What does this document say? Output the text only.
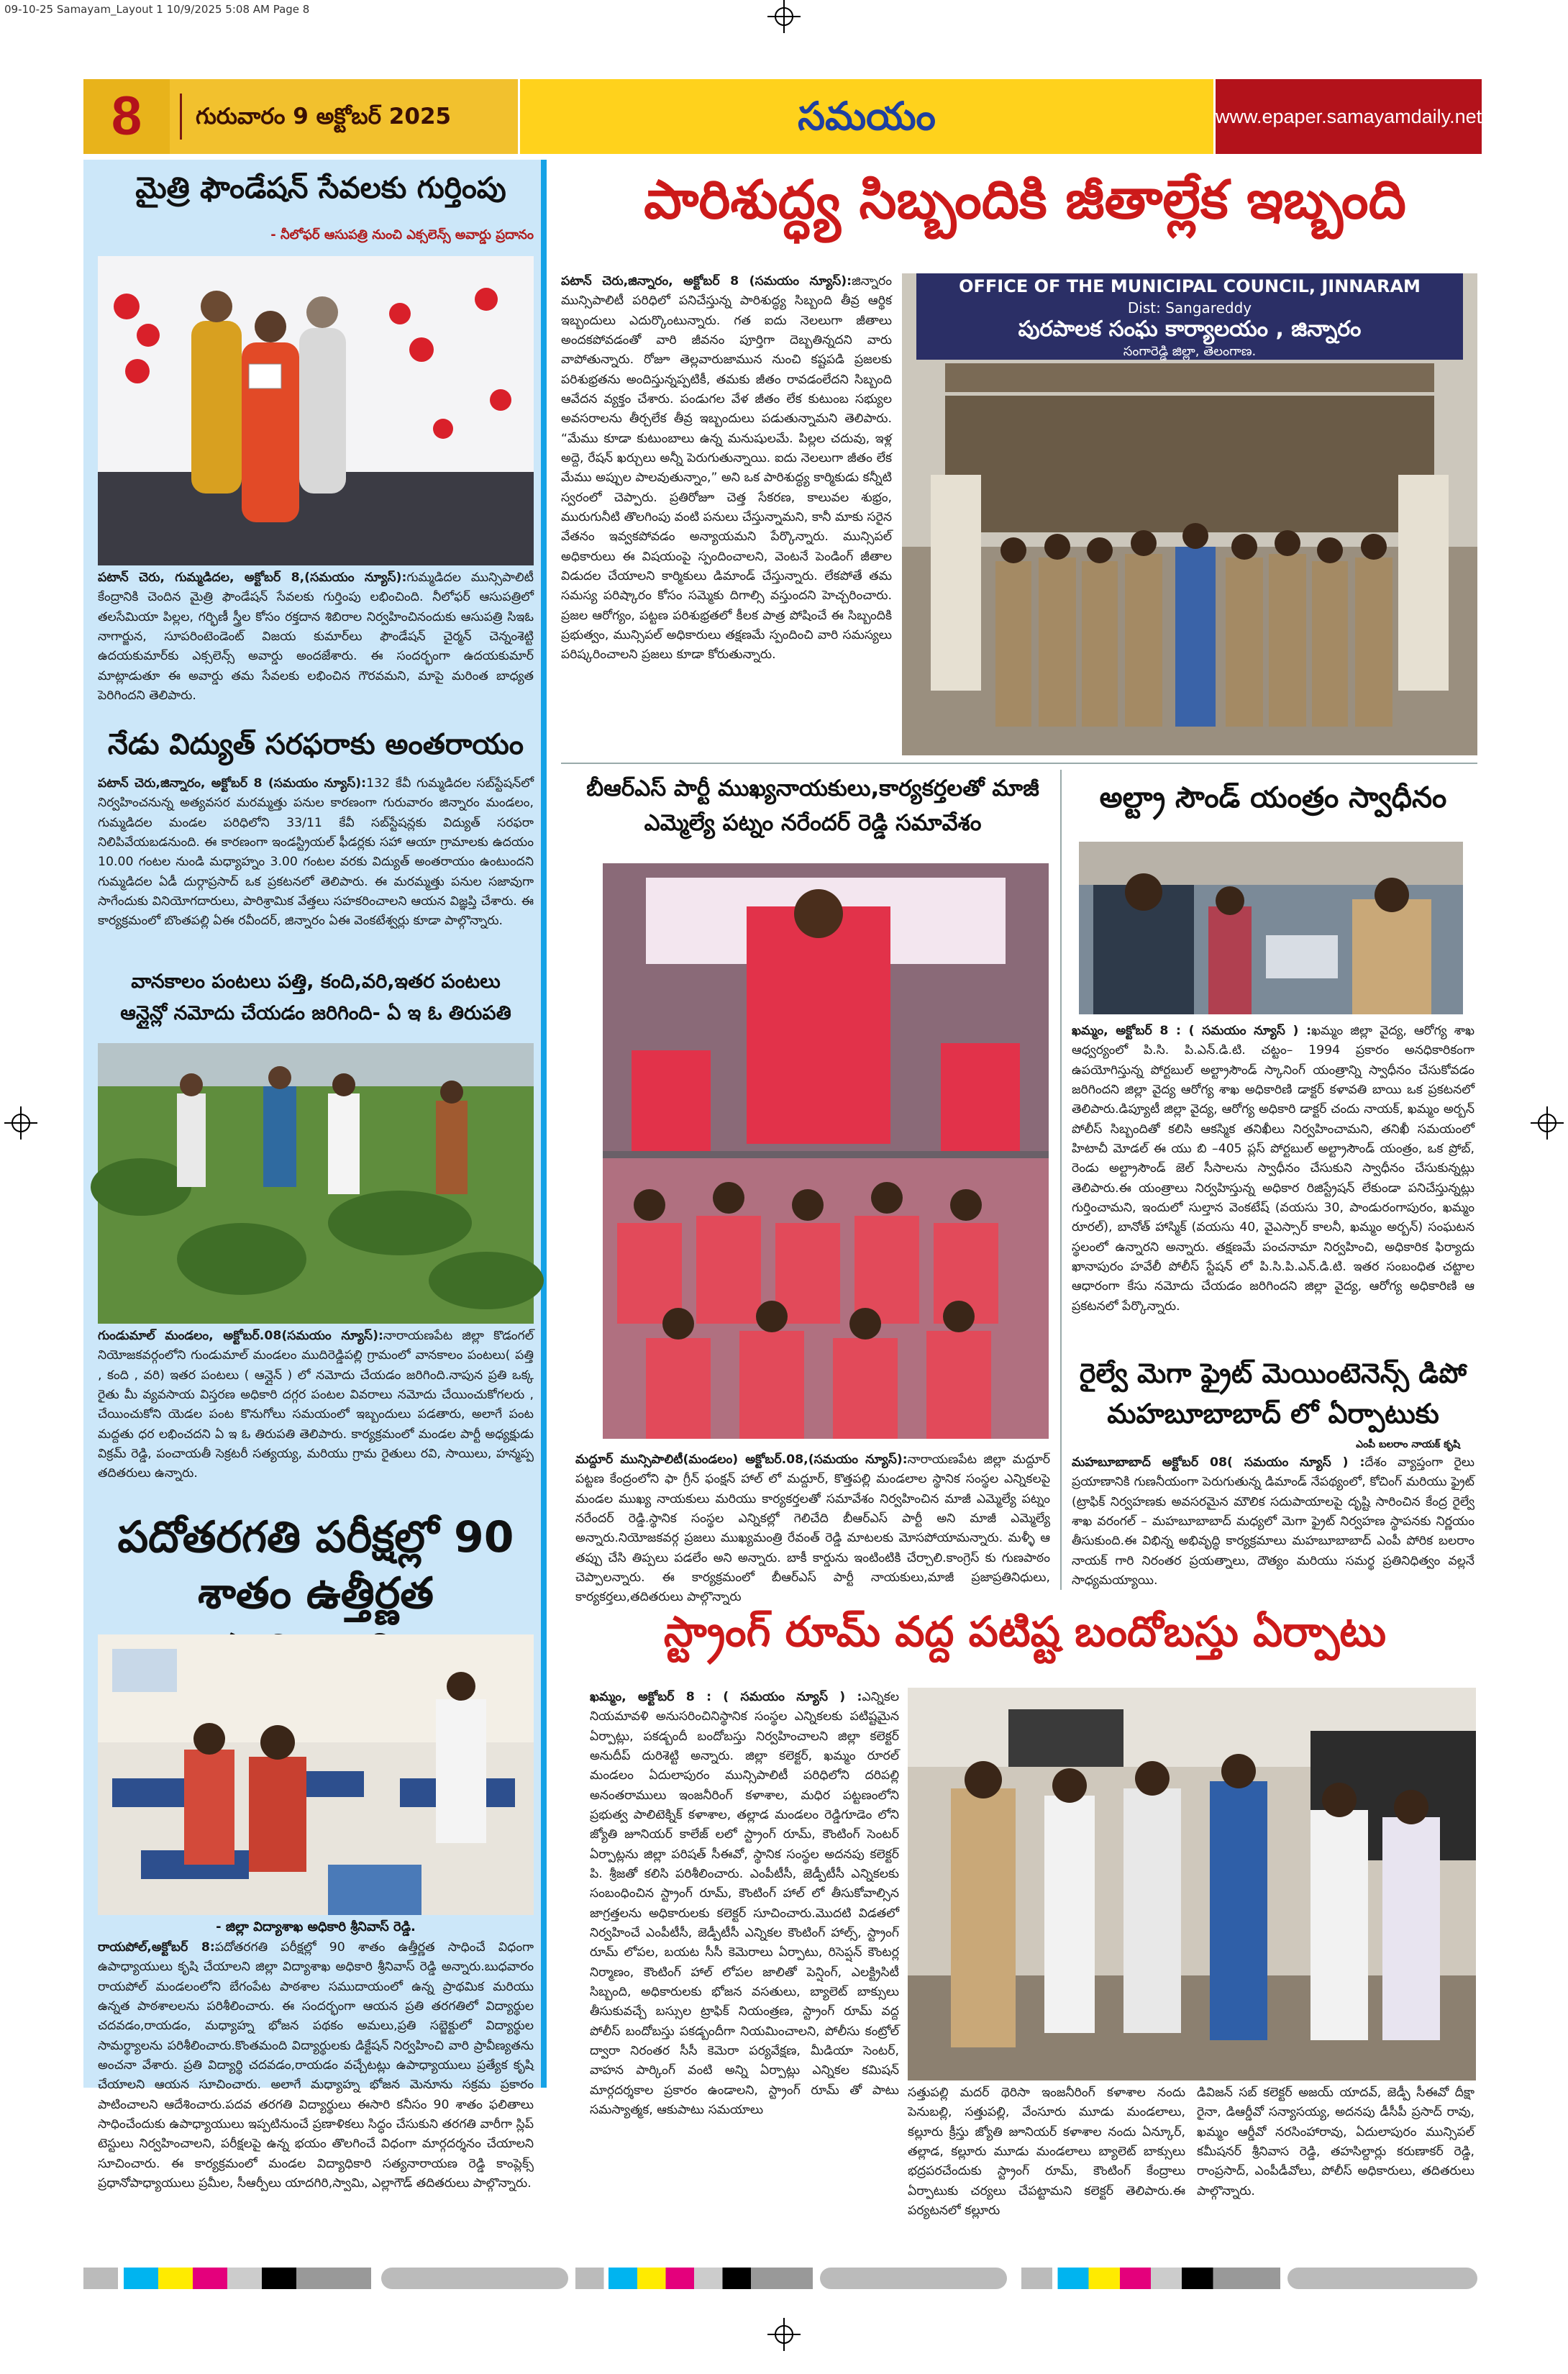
09-10-25 Samayam_Layout 1 10/9/2025 5:08 AM Page 8
8	గురువారం 9 అక్టోబర్ 2025	సమయం	www.epaper.samayamdaily.net
మైత్రి ఫౌండేషన్ సేవలకు గుర్తింపు
- నీలోఫర్ ఆసుపత్రి నుంచి ఎక్సలెన్స్ అవార్డు ప్రదానం
పటాన్ చెరు, గుమ్మడిదల, అక్టోబర్ 8,(సమయం న్యూస్):గుమ్మడిదల మున్సిపాలిటీ కేంద్రానికి చెందిన మైత్రి ఫౌండేషన్ సేవలకు గుర్తింపు లభించింది. నీలోఫర్ ఆసుపత్రిలో తలసేమియా పిల్లల, గర్భిణీ స్త్రీల కోసం రక్తదాన శిబిరాల నిర్వహించినందుకు ఆసుపత్రి సిఇఓ నాగార్జున, సూపరింటెండెంట్ విజయ కుమార్‌లు ఫౌండేషన్ చైర్మన్ చెన్నంశెట్టి ఉదయకుమార్‌కు ఎక్సలెన్స్ అవార్డు అందజేశారు. ఈ సందర్భంగా ఉదయకుమార్ మాట్లాడుతూ ఈ అవార్డు తమ సేవలకు లభించిన గౌరవమని, మాపై మరింత బాధ్యత పెరిగిందని తెలిపారు.
నేడు విద్యుత్ సరఫరాకు అంతరాయం
పటాన్ చెరు,జిన్నారం, అక్టోబర్ 8 (సమయం న్యూస్):132 కేవీ గుమ్మడిదల సబ్‌స్టేషన్‌లో నిర్వహించనున్న అత్యవసర మరమ్మత్తు పనుల కారణంగా గురువారం జిన్నారం మండలం, గుమ్మడిదల మండల పరిధిలోని 33/11 కేవీ సబ్‌స్టేషన్లకు విద్యుత్ సరఫరా నిలిపివేయబడనుంది. ఈ కారణంగా ఇండస్ట్రియల్ ఫీడర్లకు సహా ఆయా గ్రామాలకు ఉదయం 10.00 గంటల నుండి మధ్యాహ్నం 3.00 గంటల వరకు విద్యుత్ అంతరాయం ఉంటుందని గుమ్మడిదల ఏడీ దుర్గాప్రసాద్ ఒక ప్రకటనలో తెలిపారు. ఈ మరమ్మత్తు పనుల సజావుగా సాగేందుకు వినియోగదారులు, పారిశ్రామిక వేత్తలు సహకరించాలని ఆయన విజ్ఞప్తి చేశారు. ఈ కార్యక్రమంలో బొంతపల్లి ఏఈ రవీందర్, జిన్నారం ఏఈ వెంకటేశ్వర్లు కూడా పాల్గొన్నారు.
వానకాలం పంటలు పత్తి, కంది,వరి,ఇతర పంటలు
ఆన్లైన్లో నమోదు చేయడం జరిగింది- ఏ ఇ ఓ తిరుపతి
గుండుమాల్ మండలం, అక్టోబర్.08(సమయం న్యూస్):నారాయణపేట జిల్లా కొడంగల్ నియోజకవర్గంలోని గుండుమాల్ మండలం ముదిరెడ్డిపల్లి గ్రామంలో వానకాలం పంటలు( పత్తి , కంది , వరి) ఇతర పంటలు ( ఆన్లైన్ ) లో నమోదు చేయడం జరిగింది.నాపున ప్రతి ఒక్క రైతు మీ వ్యవసాయ విస్తరణ అధికారి దగ్గర పంటల వివరాలు నమోదు చేయించుకోగలరు , చేయించుకోని యెడల పంట కొనుగోలు సమయంలో ఇబ్బందులు పడతారు, అలాగే పంట మద్దతు ధర లభించదని ఏ ఇ ఓ తిరుపతి తెలిపారు. కార్యక్రమంలో మండల పార్టీ అధ్యక్షుడు విక్రమ్ రెడ్డి, పంచాయతీ సెక్రటరీ సత్యయ్య, మరియు గ్రామ రైతులు రవి, సాయిలు, హన్మప్ప తదితరులు ఉన్నారు.
పదోతరగతి పరీక్షల్లో 90 శాతం ఉత్తీర్ణత
- జిల్లా విద్యాశాఖ అధికారి శ్రీనివాస్ రెడ్డి.
రాయపోల్,అక్టోబర్ 8:పదోతరగతి పరీక్షల్లో 90 శాతం ఉత్తీర్ణత సాధించే విధంగా ఉపాధ్యాయులు కృషి చేయాలని జిల్లా విద్యాశాఖ అధికారి శ్రీనివాస్ రెడ్డి అన్నారు.బుధవారం రాయపోల్ మండలంలోని బేగంపేట పాఠశాల సముదాయంలో ఉన్న ప్రాథమిక మరియు ఉన్నత పాఠశాలలను పరిశీలించారు. ఈ సందర్భంగా ఆయన ప్రతి తరగతిలో విద్యార్థుల చదవడం,రాయడం, మధ్యాహ్న భోజన పథకం అమలు,ప్రతి సబ్జెక్టులో విద్యార్థుల సామర్థ్యాలను పరిశీలించారు.కొంతమంది విద్యార్థులకు డిక్టేషన్ నిర్వహించి వారి ప్రావీణ్యతను అంచనా వేశారు. ప్రతి విద్యార్థి చదవడం,రాయడం వచ్చేటట్లు ఉపాధ్యాయులు ప్రత్యేక కృషి చేయాలని ఆయన సూచించారు. అలాగే మధ్యాహ్న భోజన మెనూను సక్రమ ప్రకారం పాటించాలని ఆదేశించారు.పదవ తరగతి విద్యార్థులు ఈసారి కనీసం 90 శాతం ఫలితాలు సాధించేందుకు ఉపాధ్యాయులు ఇప్పటినుంచే ప్రణాళికలు సిద్ధం చేసుకుని తరగతి వారీగా స్లిప్ టెస్టులు నిర్వహించాలని, పరీక్షలపై ఉన్న భయం తొలగించే విధంగా మార్గదర్శనం చేయాలని సూచించారు. ఈ కార్యక్రమంలో మండల విద్యాధికారి సత్యనారాయణ రెడ్డి కాంప్లెక్స్ ప్రధానోపాధ్యాయులు ప్రమీల, సీఆర్పీలు యాదగిరి,స్వామి, ఎల్లాగౌడ్ తదితరులు పాల్గొన్నారు.
పారిశుద్ధ్య సిబ్బందికి జీతాల్లేక ఇబ్బంది
పటాన్ చెరు,జిన్నారం, అక్టోబర్ 8 (సమయం న్యూస్):జిన్నారం మున్సిపాలిటీ పరిధిలో పనిచేస్తున్న పారిశుద్ధ్య సిబ్బంది తీవ్ర ఆర్థిక ఇబ్బందులు ఎదుర్కొంటున్నారు. గత ఐదు నెలలుగా జీతాలు అందకపోవడంతో వారి జీవనం పూర్తిగా దెబ్బతిన్నదని వారు వాపోతున్నారు. రోజూ తెల్లవారుజామున నుంచి కష్టపడి ప్రజలకు పరిశుభ్రతను అందిస్తున్నప్పటికీ, తమకు జీతం రావడంలేదని సిబ్బంది ఆవేదన వ్యక్తం చేశారు. పండుగల వేళ జీతం లేక కుటుంబ సభ్యుల అవసరాలను తీర్చలేక తీవ్ర ఇబ్బందులు పడుతున్నామని తెలిపారు. “మేము కూడా కుటుంబాలు ఉన్న మనుషులమే. పిల్లల చదువు, ఇళ్ల అద్దె, రేషన్ ఖర్చులు అన్నీ పెరుగుతున్నాయి. ఐదు నెలలుగా జీతం లేక మేము అప్పుల పాలవుతున్నాం,” అని ఒక పారిశుద్ధ్య కార్మికుడు కన్నీటి స్వరంలో చెప్పారు. ప్రతిరోజూ చెత్త సేకరణ, కాలువల శుభ్రం, మురుగునీటి తొలగింపు వంటి పనులు చేస్తున్నామని, కానీ మాకు సరైన వేతనం ఇవ్వకపోవడం అన్యాయమని పేర్కొన్నారు. మున్సిపల్ అధికారులు ఈ విషయంపై స్పందించాలని, వెంటనే పెండింగ్ జీతాల విడుదల చేయాలని కార్మికులు డిమాండ్ చేస్తున్నారు. లేకపోతే తమ సమస్య పరిష్కారం కోసం సమ్మెకు దిగాల్సి వస్తుందని హెచ్చరించారు. ప్రజల ఆరోగ్యం, పట్టణ పరిశుభ్రతలో కీలక పాత్ర పోషించే ఈ సిబ్బందికి ప్రభుత్వం, మున్సిపల్ అధికారులు తక్షణమే స్పందించి వారి సమస్యలు పరిష్కరించాలని ప్రజలు కూడా కోరుతున్నారు.
OFFICE OF THE MUNICIPAL COUNCIL, JINNARAM
Dist: Sangareddy
పురపాలక సంఘ కార్యాలయం , జిన్నారం
సంగారెడ్డి జిల్లా, తెలంగాణ.
బీఆర్ఎస్ పార్టీ ముఖ్యనాయకులు,కార్యకర్తలతో మాజీ ఎమ్మెల్యే పట్నం నరేందర్ రెడ్డి సమావేశం
మద్దూర్ మున్సిపాలిటీ(మండలం) అక్టోబర్.08,(సమయం న్యూస్):నారాయణపేట జిల్లా మద్దూర్ పట్టణ కేంద్రంలోని ఫా గ్రీన్ ఫంక్షన్ హాల్ లో మద్దూర్, కొత్తపల్లి మండలాల స్థానిక సంస్థల ఎన్నికలపై మండల ముఖ్య నాయకులు మరియు కార్యకర్తలతో సమావేశం నిర్వహించిన మాజీ ఎమ్మెల్యే పట్నం నరేందర్ రెడ్డి.స్థానిక సంస్థల ఎన్నికల్లో గెలిచేది బీఆర్ఎస్ పార్టీ అని మాజీ ఎమ్మెల్యే అన్నారు.నియోజకవర్గ ప్రజలు ముఖ్యమంత్రి రేవంత్ రెడ్డి మాటలకు మోసపోయామన్నారు. మళ్ళీ ఆ తప్పు చేసి తిప్పలు పడలేం అని అన్నారు. బాకీ కార్డును ఇంటింటికి చేర్చాలి.కాంగ్రెస్ కు గుణపాఠం చెప్పాలన్నారు. ఈ కార్యక్రమంలో బీఆర్ఎస్ పార్టీ నాయకులు,మాజీ ప్రజాప్రతినిధులు, కార్యకర్తలు,తదితరులు పాల్గొన్నారు
అల్ట్రా సౌండ్ యంత్రం స్వాధీనం
ఖమ్మం, అక్టోబర్ 8 : ( సమయం న్యూస్ ) :ఖమ్మం జిల్లా వైద్య, ఆరోగ్య శాఖ ఆధ్వర్యంలో పి.సి. పి.ఎన్.డి.టి. చట్టం– 1994 ప్రకారం అనధికారికంగా ఉపయోగిస్తున్న పోర్టబుల్ అల్ట్రాసౌండ్ స్కానింగ్ యంత్రాన్ని స్వాధీనం చేసుకోవడం జరిగిందని జిల్లా వైద్య ఆరోగ్య శాఖ అధికారిణి డాక్టర్ కళావతి బాయి ఒక ప్రకటనలో తెలిపారు.డిప్యూటీ జిల్లా వైద్య, ఆరోగ్య అధికారి డాక్టర్ చందు నాయక్, ఖమ్మం అర్బన్ పోలీస్ సిబ్బందితో కలిసి ఆకస్మిక తనిఖీలు నిర్వహించామని, తనిఖీ సమయంలో హిటాచీ మోడల్ ఈ యు బి –405 ప్లస్ పోర్టబుల్ అల్ట్రాసౌండ్ యంత్రం, ఒక ప్రోబ్, రెండు అల్ట్రాసౌండ్ జెల్ సీసాలను స్వాధీనం చేసుకుని స్వాధీనం చేసుకున్నట్లు తెలిపారు.ఈ యంత్రాలు నిర్వహిస్తున్న అధికార రిజిస్ట్రేషన్ లేకుండా పనిచేస్తున్నట్లు గుర్తించామని, ఇందులో సుల్తాన వెంకటేష్ (వయసు 30, పాండురంగాపురం, ఖమ్మం రూరల్), బానోత్ హాస్మిక్ (వయసు 40, వైఎస్సార్ కాలనీ, ఖమ్మం అర్బన్) సంఘటన స్థలంలో ఉన్నారని అన్నారు. తక్షణమే పంచనామా నిర్వహించి, అధికారిక ఫిర్యాదు ఖానాపురం హవేలీ పోలీస్ స్టేషన్ లో పి.సి.పి.ఎన్.డి.టి. ఇతర సంబంధిత చట్టాల ఆధారంగా కేసు నమోదు చేయడం జరిగిందని జిల్లా వైద్య, ఆరోగ్య అధికారిణి ఆ ప్రకటనలో పేర్కొన్నారు.
రైల్వే మెగా ఫ్రైట్ మెయింటెనెన్స్ డిపో
మహబూబాబాద్ లో ఏర్పాటుకు
ఎంపీ బలరాం నాయక్ కృషి
మహబూబాబాద్ అక్టోబర్ 08( సమయం న్యూస్ ) :దేశం వ్యాప్తంగా రైలు ప్రయాణానికి గుణనీయంగా పెరుగుతున్న డిమాండ్ నేపథ్యంలో, కోచింగ్ మరియు ఫ్రైట్ (ట్రాఫిక్ నిర్వహణకు అవసరమైన మౌలిక సదుపాయాలపై దృష్టి సారించిన కేంద్ర రైల్వే శాఖ వరంగల్ – మహబూబాబాద్ మధ్యలో మెగా ఫ్రైట్ నిర్వహణ స్థాపనకు నిర్ణయం తీసుకుంది.ఈ విభిన్న అభివృద్ధి కార్యక్రమాలు మహబూబాబాద్ ఎంపీ పోరిక బలరాం నాయక్ గారి నిరంతర ప్రయత్నాలు, దౌత్యం మరియు సమర్థ ప్రతినిధిత్వం వల్లనే సాధ్యమయ్యాయి.
స్ట్రాంగ్ రూమ్ వద్ద పటిష్ట బందోబస్తు ఏర్పాటు
ఖమ్మం, అక్టోబర్ 8 : ( సమయం న్యూస్ ) :ఎన్నికల నియమావళి అనుసరించినిస్థానిక సంస్థల ఎన్నికలకు పటిష్టమైన ఏర్పాట్లు, పకడ్బందీ బందోబస్తు నిర్వహించాలని జిల్లా కలెక్టర్ అనుదీప్ దురిశెట్టి అన్నారు. జిల్లా కలెక్టర్, ఖమ్మం రూరల్ మండలం ఏదులాపురం మున్సిపాలిటీ పరిధిలోని దరిపల్లి అనంతరాములు ఇంజనీరింగ్ కళాశాల, మధిర పట్టణంలోని ప్రభుత్వ పాలిటెక్నిక్ కళాశాల, తల్లాడ మండలం రెడ్డిగూడెం లోని జ్యోతి జూనియర్ కాలేజ్ లలో స్ట్రాంగ్ రూమ్, కౌంటింగ్ సెంటర్ ఏర్పాట్లను జిల్లా పరిషత్ సీఈవో, స్థానిక సంస్థల అదనపు కలెక్టర్ పి. శ్రీజతో కలిసి పరిశీలించారు. ఎంపీటీసీ, జెడ్పీటీసీ ఎన్నికలకు సంబంధించిన స్ట్రాంగ్ రూమ్, కౌంటింగ్ హాల్ లో తీసుకోవాల్సిన జాగ్రత్తలను అధికారులకు కలెక్టర్ సూచించారు.మొదటి విడతలో నిర్వహించే ఎంపీటీసీ, జెడ్పీటీసీ ఎన్నికల కౌంటింగ్ హాల్స్, స్ట్రాంగ్ రూమ్ లోపల, బయట సీసీ కెమెరాలు ఏర్పాటు, రిసెప్షన్ కౌంటర్ల నిర్మాణం, కౌంటింగ్ హాల్ లోపల జాలితో పెన్షింగ్, ఎలక్ట్రిసిటీ సిబ్బంది, అధికారులకు భోజన వసతులు, బ్యాలెట్ బాక్సులు తీసుకువచ్చే బస్సుల ట్రాఫిక్ నియంత్రణ, స్ట్రాంగ్ రూమ్ వద్ద పోలీస్ బందోబస్తు పకడ్బందీగా నియమించాలని, పోలీసు కంట్రోల్ ద్వారా నిరంతర సీసీ కెమెరా పర్యవేక్షణ, మీడియా సెంటర్, వాహన పార్కింగ్ వంటి అన్ని ఏర్పాట్లు ఎన్నికల కమిషన్ మార్గదర్శకాల ప్రకారం ఉండాలని, స్ట్రాంగ్ రూమ్ తో పాటు సమస్యాత్మక, ఆకుపాటు సమయాలు
సత్తుపల్లి మదర్ థెరిసా ఇంజనీరింగ్ కళాశాల నందు పెనుబల్లి, సత్తుపల్లి, వేంసూరు మూడు మండలాలు, కల్లూరు క్రీస్తు జ్యోతి జూనియర్ కళాశాల నందు ఏన్కూర్, తల్లాడ, కల్లూరు మూడు మండలాలు బ్యాలెట్ బాక్సులు భద్రపరచేందుకు స్ట్రాంగ్ రూమ్, కౌంటింగ్ కేంద్రాలు ఏర్పాటుకు చర్యలు చేపట్టామని కలెక్టర్ తెలిపారు.ఈ పర్యటనలో కల్లూరు
డివిజన్ సబ్ కలెక్టర్ అజయ్ యాదవ్, జెడ్పీ సీఈవో దీక్షా రైనా, డిఆర్డీవో సన్యాసయ్య, అదనపు డీసీపీ ప్రసాద్ రావు, ఖమ్మం ఆర్డీవో నరసింహారావు, ఏదులాపురం మున్సిపల్ కమీషనర్ శ్రీనివాస రెడ్డి, తహసిల్దార్లు కరుణాకర్ రెడ్డి, రాంప్రసాద్, ఎంపీడీవోలు, పోలీస్ అధికారులు, తదితరులు పాల్గొన్నారు.
